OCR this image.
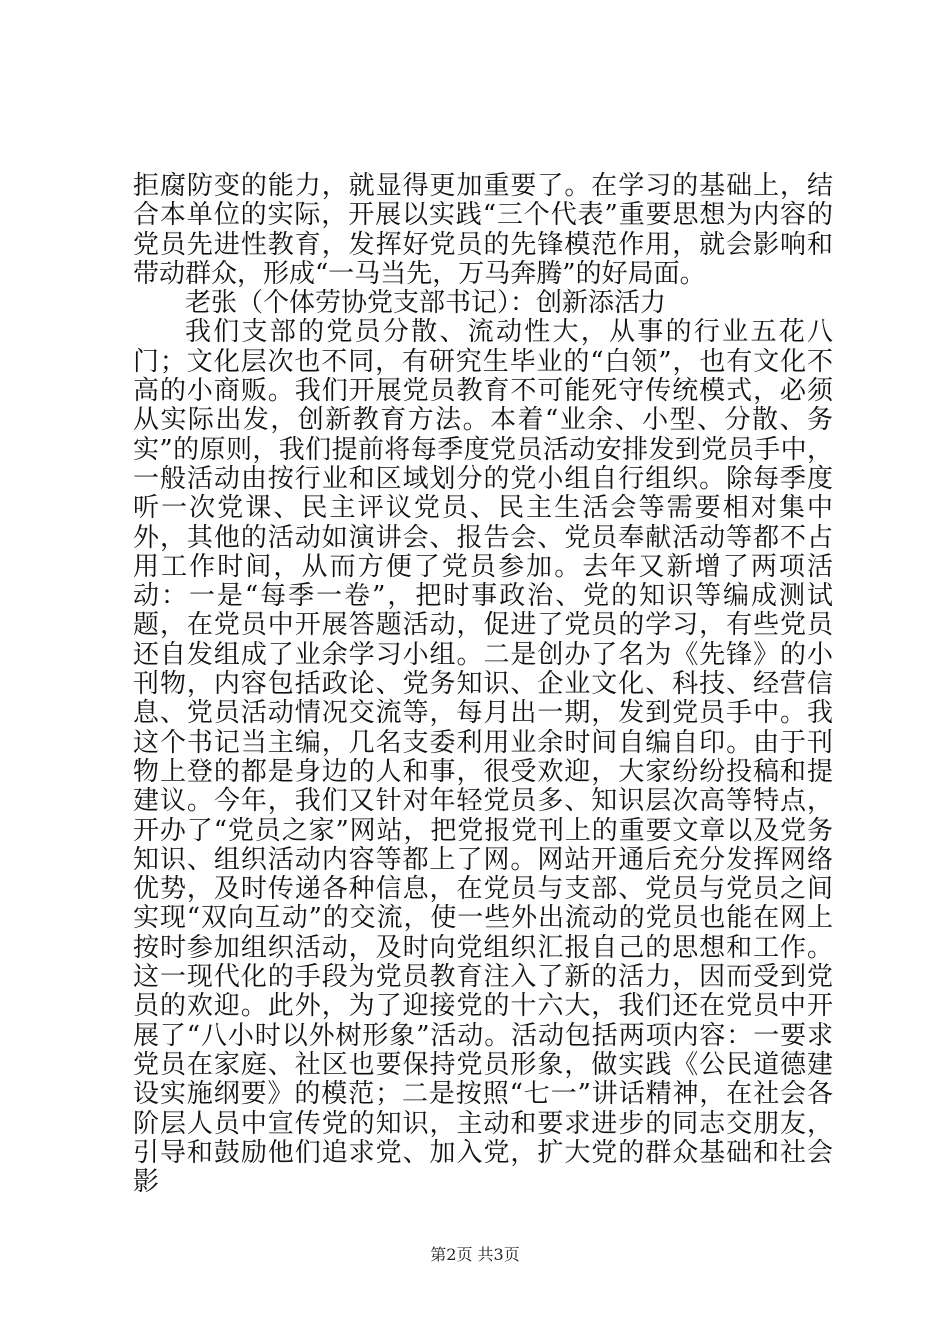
拒腐防变的能力，就显得更加重要了。在学习的基础上，结合本单位的实际，开展以实践“三个代表”重要思想为内容的党员先进性教育，发挥好党员的先锋模范作用，就会影响和带动群众，形成“一马当先，万马奔腾”的好局面。

老张（个体劳协党支部书记）：创新添活力

我们支部的党员分散、流动性大，从事的行业五花八门；文化层次也不同，有研究生毕业的“白领”，也有文化不高的小商贩。我们开展党员教育不可能死守传统模式，必须从实际出发，创新教育方法。本着“业余、小型、分散、务实”的原则，我们提前将每季度党员活动安排发到党员手中，一般活动由按行业和区域划分的党小组自行组织。除每季度听一次党课、民主评议党员、民主生活会等需要相对集中外，其他的活动如演讲会、报告会、党员奉献活动等都不占用工作时间，从而方便了党员参加。去年又新增了两项活动：一是“每季一卷”，把时事政治、党的知识等编成测试题，在党员中开展答题活动，促进了党员的学习，有些党员还自发组成了业余学习小组。二是创办了名为《先锋》的小刊物，内容包括政论、党务知识、企业文化、科技、经营信息、党员活动情况交流等，每月出一期，发到党员手中。我这个书记当主编，几名支委利用业余时间自编自印。由于刊物上登的都是身边的人和事，很受欢迎，大家纷纷投稿和提建议。今年，我们又针对年轻党员多、知识层次高等特点，开办了“党员之家”网站，把党报党刊上的重要文章以及党务知识、组织活动内容等都上了网。网站开通后充分发挥网络优势，及时传递各种信息，在党员与支部、党员与党员之间实现“双向互动”的交流，使一些外出流动的党员也能在网上按时参加组织活动，及时向党组织汇报自己的思想和工作。这一现代化的手段为党员教育注入了新的活力，因而受到党员的欢迎。此外，为了迎接党的十六大，我们还在党员中开展了“八小时以外树形象”活动。活动包括两项内容：一要求党员在家庭、社区也要保持党员形象，做实践《公民道德建设实施纲要》的模范；二是按照“七一”讲话精神，在社会各阶层人员中宣传党的知识，主动和要求进步的同志交朋友，引导和鼓励他们追求党、加入党，扩大党的群众基础和社会影

第2页 共3页
